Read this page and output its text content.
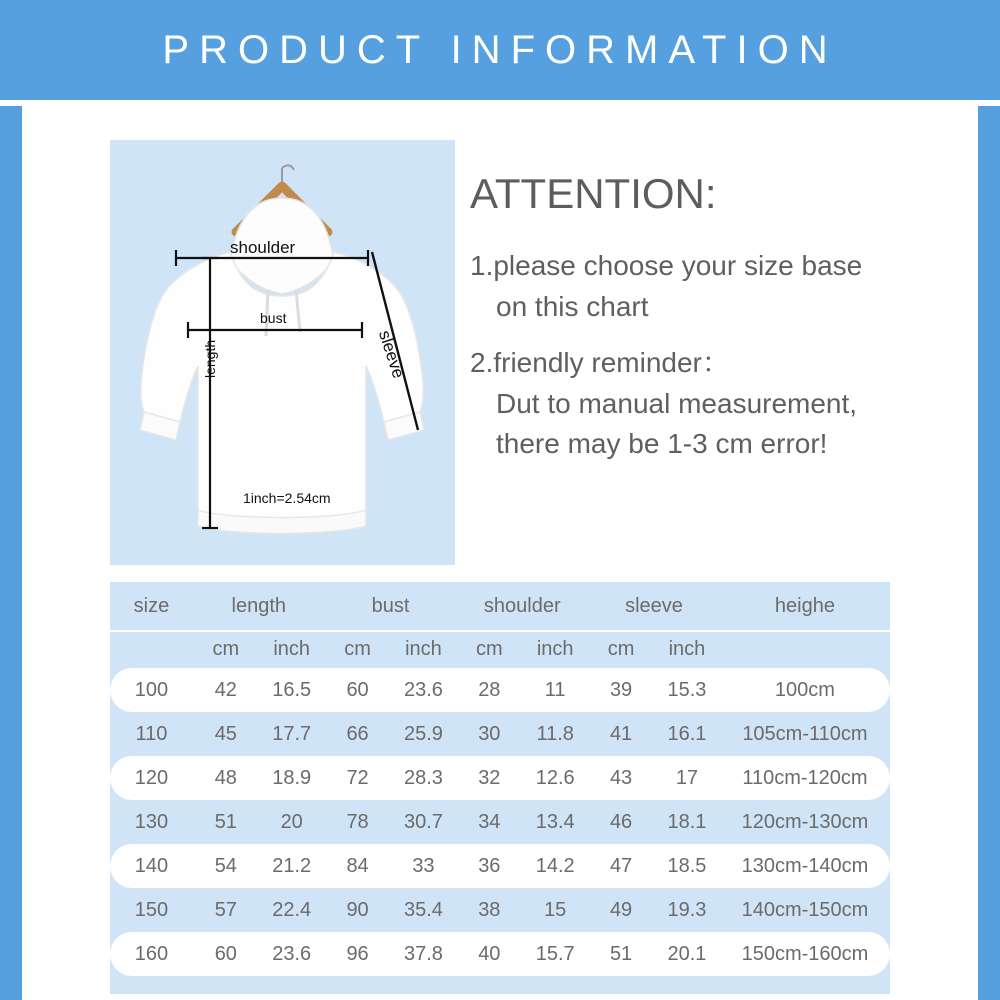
PRODUCT INFORMATION
shoulder
bust
length	sleeve
1inch=2.54cm
ATTENTION:
1.please choose your size base
on this chart
2.friendly reminder：
Dut to manual measurement,
there may be 1-3 cm error!
size	length		bust		shoulder		sleeve		heighe
	cm	inch	cm	inch	cm	inch	cm	inch	
100	42	16.5	60	23.6	28	11	39	15.3	100cm
110	45	17.7	66	25.9	30	11.8	41	16.1	105cm-110cm
120	48	18.9	72	28.3	32	12.6	43	17	110cm-120cm
130	51	20	78	30.7	34	13.4	46	18.1	120cm-130cm
140	54	21.2	84	33	36	14.2	47	18.5	130cm-140cm
150	57	22.4	90	35.4	38	15	49	19.3	140cm-150cm
160	60	23.6	96	37.8	40	15.7	51	20.1	150cm-160cm
